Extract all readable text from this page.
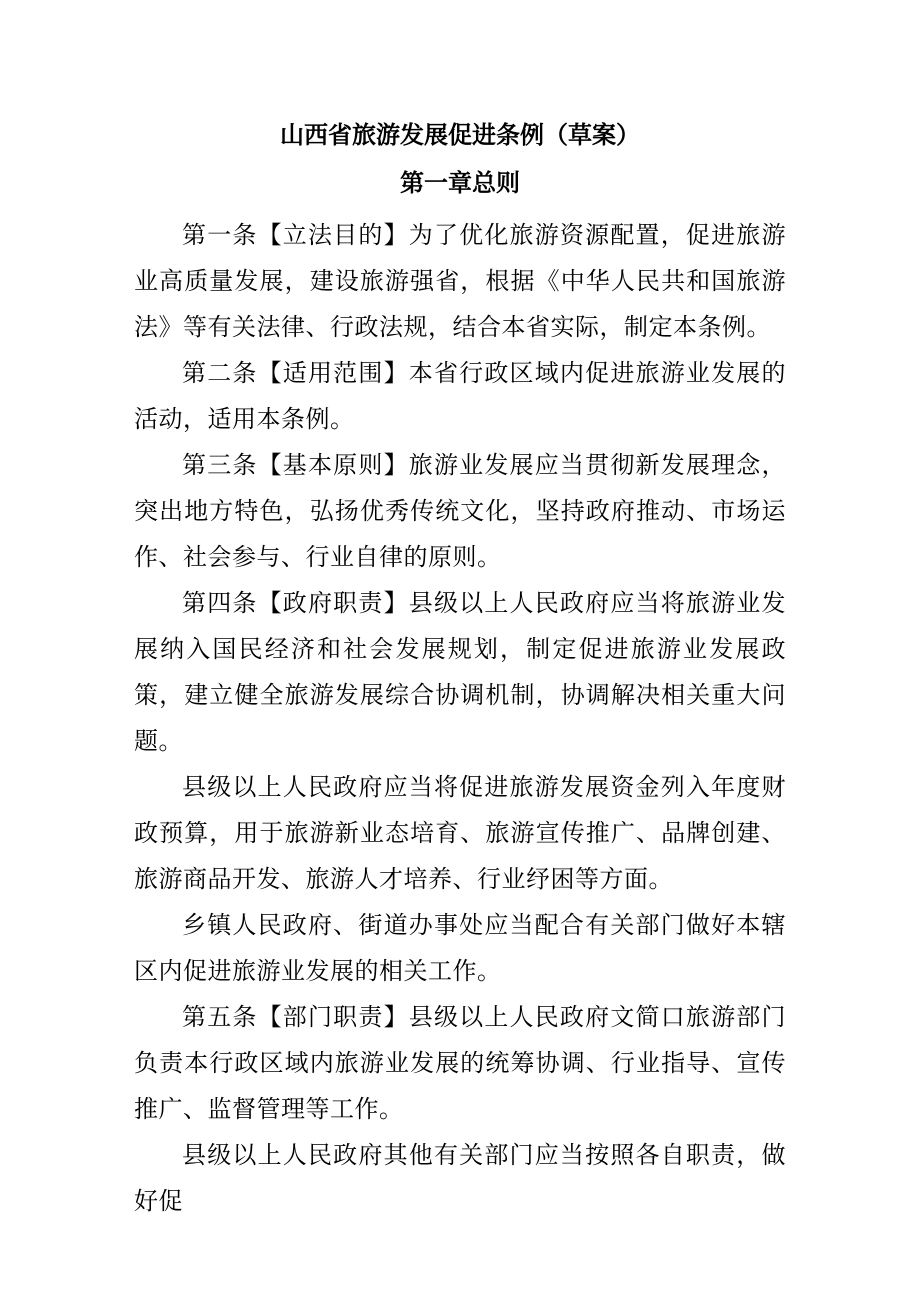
山西省旅游发展促进条例（草案）
第一章总则

第一条【立法目的】为了优化旅游资源配置，促进旅游业高质量发展，建设旅游强省，根据《中华人民共和国旅游法》等有关法律、行政法规，结合本省实际，制定本条例。

第二条【适用范围】本省行政区域内促进旅游业发展的活动，适用本条例。

第三条【基本原则】旅游业发展应当贯彻新发展理念，突出地方特色，弘扬优秀传统文化，坚持政府推动、市场运作、社会参与、行业自律的原则。

第四条【政府职责】县级以上人民政府应当将旅游业发展纳入国民经济和社会发展规划，制定促进旅游业发展政策，建立健全旅游发展综合协调机制，协调解决相关重大问题。

县级以上人民政府应当将促进旅游发展资金列入年度财政预算，用于旅游新业态培育、旅游宣传推广、品牌创建、旅游商品开发、旅游人才培养、行业纾困等方面。

乡镇人民政府、街道办事处应当配合有关部门做好本辖区内促进旅游业发展的相关工作。

第五条【部门职责】县级以上人民政府文简口旅游部门负责本行政区域内旅游业发展的统筹协调、行业指导、宣传推广、监督管理等工作。

县级以上人民政府其他有关部门应当按照各自职责，做好促
